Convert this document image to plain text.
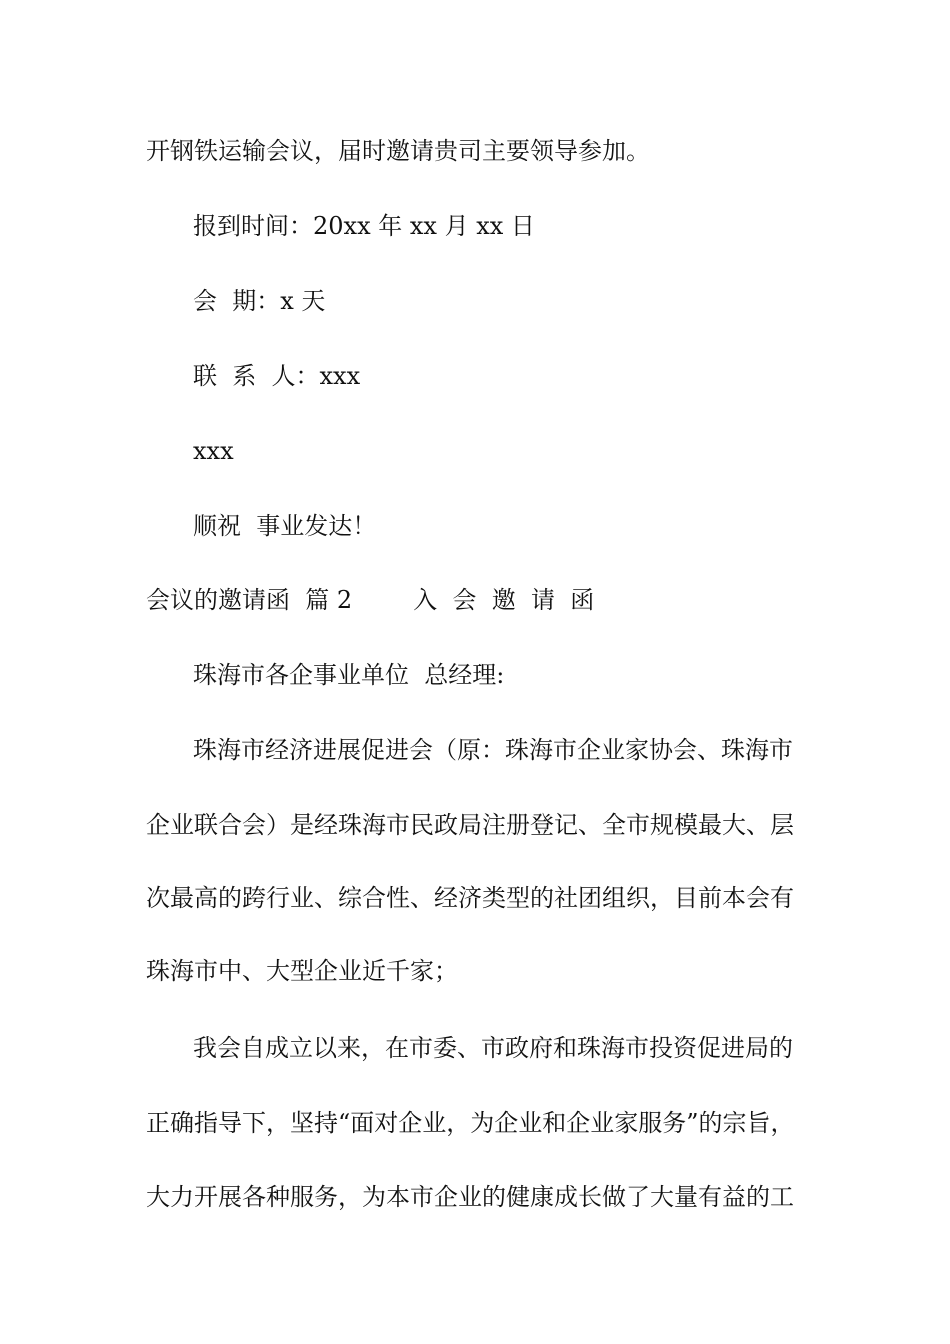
开钢铁运输会议，届时邀请贵司主要领导参加。
报到时间：20xx 年 xx 月 xx 日
会  期：x 天
联  系  人：xxx
xxx
顺祝  事业发达！
会议的邀请函  篇 2        入  会  邀  请  函
珠海市各企事业单位  总经理:
珠海市经济进展促进会（原：珠海市企业家协会、珠海市
企业联合会）是经珠海市民政局注册登记、全市规模最大、层
次最高的跨行业、综合性、经济类型的社团组织，目前本会有
珠海市中、大型企业近千家；
我会自成立以来，在市委、市政府和珠海市投资促进局的
正确指导下，坚持“面对企业，为企业和企业家服务”的宗旨，
大力开展各种服务，为本市企业的健康成长做了大量有益的工
